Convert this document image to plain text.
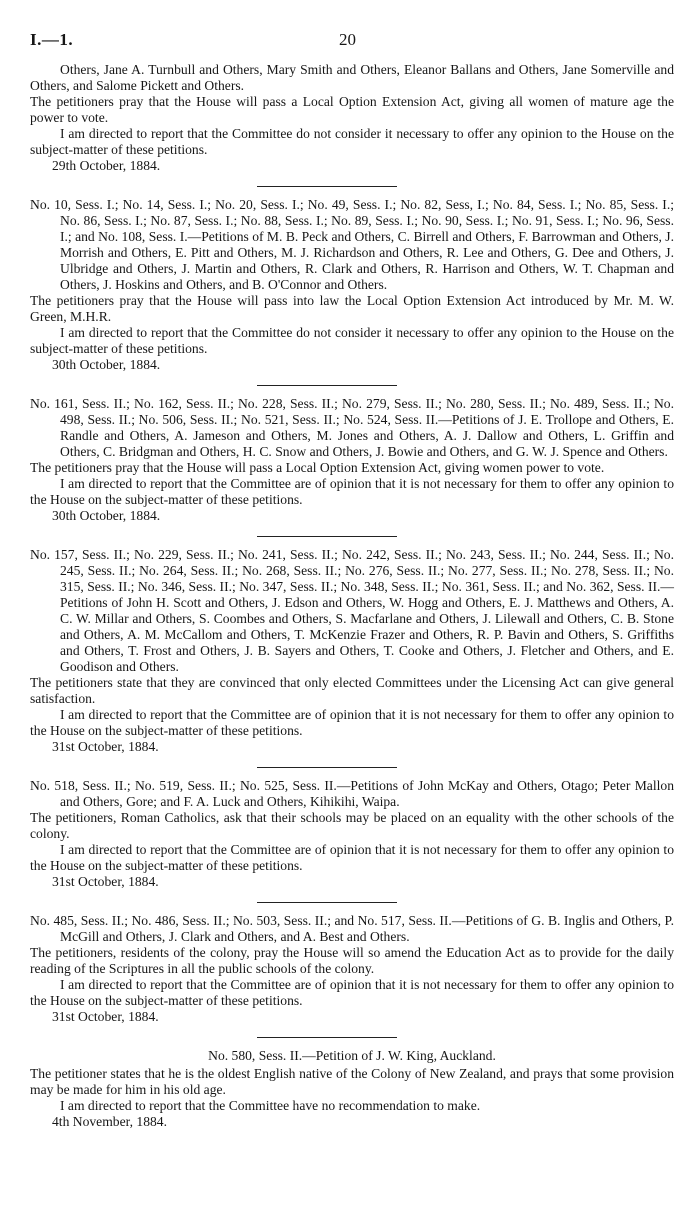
I.—1.	20

Others, Jane A. Turnbull and Others, Mary Smith and Others, Eleanor Ballans and Others, Jane Somerville and Others, and Salome Pickett and Others.

The petitioners pray that the House will pass a Local Option Extension Act, giving all women of mature age the power to vote.

I am directed to report that the Committee do not consider it necessary to offer any opinion to the House on the subject-matter of these petitions.

29th October, 1884.

No. 10, Sess. I.; No. 14, Sess. I.; No. 20, Sess. I.; No. 49, Sess. I.; No. 82, Sess, I.; No. 84, Sess. I.; No. 85, Sess. I.; No. 86, Sess. I.; No. 87, Sess. I.; No. 88, Sess. I.; No. 89, Sess. I.; No. 90, Sess. I.; No. 91, Sess. I.; No. 96, Sess. I.; and No. 108, Sess. I.—Petitions of M. B. Peck and Others, C. Birrell and Others, F. Barrowman and Others, J. Morrish and Others, E. Pitt and Others, M. J. Richardson and Others, R. Lee and Others, G. Dee and Others, J. Ulbridge and Others, J. Martin and Others, R. Clark and Others, R. Harrison and Others, W. T. Chapman and Others, J. Hoskins and Others, and B. O'Connor and Others.

The petitioners pray that the House will pass into law the Local Option Extension Act introduced by Mr. M. W. Green, M.H.R.

I am directed to report that the Committee do not consider it necessary to offer any opinion to the House on the subject-matter of these petitions.

30th October, 1884.

No. 161, Sess. II.; No. 162, Sess. II.; No. 228, Sess. II.; No. 279, Sess. II.; No. 280, Sess. II.; No. 489, Sess. II.; No. 498, Sess. II.; No. 506, Sess. II.; No. 521, Sess. II.; No. 524, Sess. II.—Petitions of J. E. Trollope and Others, E. Randle and Others, A. Jameson and Others, M. Jones and Others, A. J. Dallow and Others, L. Griffin and Others, C. Bridgman and Others, H. C. Snow and Others, J. Bowie and Others, and G. W. J. Spence and Others.

The petitioners pray that the House will pass a Local Option Extension Act, giving women power to vote.

I am directed to report that the Committee are of opinion that it is not necessary for them to offer any opinion to the House on the subject-matter of these petitions.

30th October, 1884.

No. 157, Sess. II.; No. 229, Sess. II.; No. 241, Sess. II.; No. 242, Sess. II.; No. 243, Sess. II.; No. 244, Sess. II.; No. 245, Sess. II.; No. 264, Sess. II.; No. 268, Sess. II.; No. 276, Sess. II.; No. 277, Sess. II.; No. 278, Sess. II.; No. 315, Sess. II.; No. 346, Sess. II.; No. 347, Sess. II.; No. 348, Sess. II.; No. 361, Sess. II.; and No. 362, Sess. II.—Petitions of John H. Scott and Others, J. Edson and Others, W. Hogg and Others, E. J. Matthews and Others, A. C. W. Millar and Others, S. Coombes and Others, S. Macfarlane and Others, J. Lilewall and Others, C. B. Stone and Others, A. M. McCallom and Others, T. McKenzie Frazer and Others, R. P. Bavin and Others, S. Griffiths and Others, T. Frost and Others, J. B. Sayers and Others, T. Cooke and Others, J. Fletcher and Others, and E. Goodison and Others.

The petitioners state that they are convinced that only elected Committees under the Licensing Act can give general satisfaction.

I am directed to report that the Committee are of opinion that it is not necessary for them to offer any opinion to the House on the subject-matter of these petitions.

31st October, 1884.

No. 518, Sess. II.; No. 519, Sess. II.; No. 525, Sess. II.—Petitions of John McKay and Others, Otago; Peter Mallon and Others, Gore; and F. A. Luck and Others, Kihikihi, Waipa.

The petitioners, Roman Catholics, ask that their schools may be placed on an equality with the other schools of the colony.

I am directed to report that the Committee are of opinion that it is not necessary for them to offer any opinion to the House on the subject-matter of these petitions.

31st October, 1884.

No. 485, Sess. II.; No. 486, Sess. II.; No. 503, Sess. II.; and No. 517, Sess. II.—Petitions of G. B. Inglis and Others, P. McGill and Others, J. Clark and Others, and A. Best and Others.

The petitioners, residents of the colony, pray the House will so amend the Education Act as to provide for the daily reading of the Scriptures in all the public schools of the colony.

I am directed to report that the Committee are of opinion that it is not necessary for them to offer any opinion to the House on the subject-matter of these petitions.

31st October, 1884.

No. 580, Sess. II.—Petition of J. W. King, Auckland.

The petitioner states that he is the oldest English native of the Colony of New Zealand, and prays that some provision may be made for him in his old age.

I am directed to report that the Committee have no recommendation to make.

4th November, 1884.
